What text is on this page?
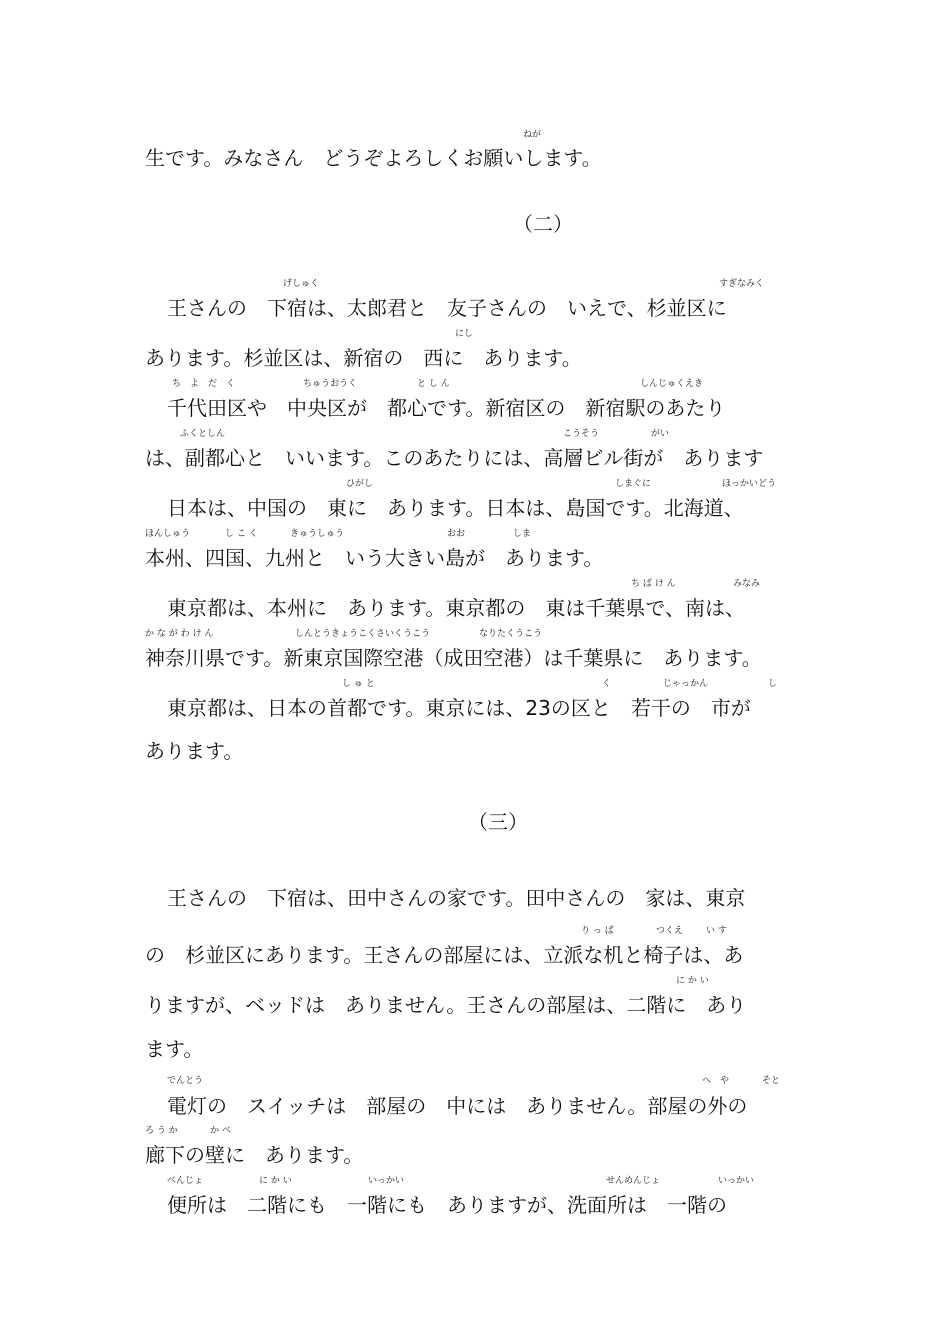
生です。みなさん　どうぞよろしくお願いします。
（二）
王さんの　下宿は、太郎君と　友子さんの　いえで、杉並区に
あります。杉並区は、新宿の　西に　あります。
千代田区や　中央区が　都心です。新宿区の　新宿駅のあたり
は、副都心と　いいます。このあたりには、高層ビル街が　あります
日本は、中国の　東に　あります。日本は、島国です。北海道、
本州、四国、九州と　いう大きい島が　あります。
東京都は、本州に　あります。東京都の　東は千葉県で、南は、
神奈川県です。新東京国際空港（成田空港）は千葉県に　あります。
東京都は、日本の首都です。東京には、23の区と　若干の　市が
あります。
（三）
王さんの　下宿は、田中さんの家です。田中さんの　家は、東京
の　杉並区にあります。王さんの部屋には、立派な机と椅子は、あ
りますが、ベッドは　ありません。王さんの部屋は、二階に　あり
ます。
電灯の　スイッチは　部屋の　中には　ありません。部屋の外の
廊下の壁に　あります。
便所は　二階にも　一階にも　ありますが、洗面所は　一階の
ねが
げしゅく	すぎなみく
にし
ち　よ　だ　く	ちゅうおうく	と し ん	しんじゅくえき
ふくとしん	こうそう	がい
ひがし	しまぐに	ほっかいどう
ほんしゅう	し こ く	きゅうしゅう	おお	しま
ち ば け ん	みなみ
か な が わ け ん	しんとうきょうこくさいくうこう	なりたくうこう
し ゅ と	く	じゃっかん	し
り っ ぱ	つくえ	い す
に か い
でんとう	へ　や	そと
ろ う か	か べ
べんじょ	に か い	いっかい	せんめんじょ	いっかい
